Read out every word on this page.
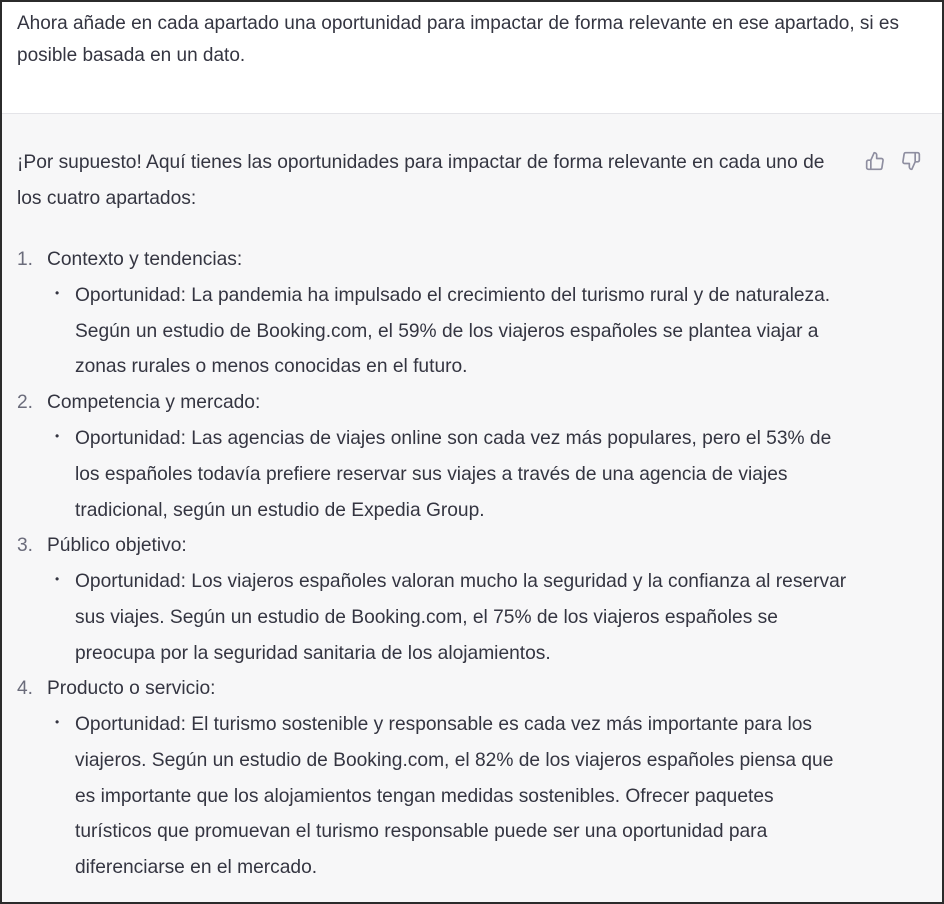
Ahora añade en cada apartado una oportunidad para impactar de forma relevante en ese apartado, si es posible basada en un dato.

¡Por supuesto! Aquí tienes las oportunidades para impactar de forma relevante en cada uno de los cuatro apartados:

1. Contexto y tendencias:
• Oportunidad: La pandemia ha impulsado el crecimiento del turismo rural y de naturaleza. Según un estudio de Booking.com, el 59% de los viajeros españoles se plantea viajar a zonas rurales o menos conocidas en el futuro.
2. Competencia y mercado:
• Oportunidad: Las agencias de viajes online son cada vez más populares, pero el 53% de los españoles todavía prefiere reservar sus viajes a través de una agencia de viajes tradicional, según un estudio de Expedia Group.
3. Público objetivo:
• Oportunidad: Los viajeros españoles valoran mucho la seguridad y la confianza al reservar sus viajes. Según un estudio de Booking.com, el 75% de los viajeros españoles se preocupa por la seguridad sanitaria de los alojamientos.
4. Producto o servicio:
• Oportunidad: El turismo sostenible y responsable es cada vez más importante para los viajeros. Según un estudio de Booking.com, el 82% de los viajeros españoles piensa que es importante que los alojamientos tengan medidas sostenibles. Ofrecer paquetes turísticos que promuevan el turismo responsable puede ser una oportunidad para diferenciarse en el mercado.
